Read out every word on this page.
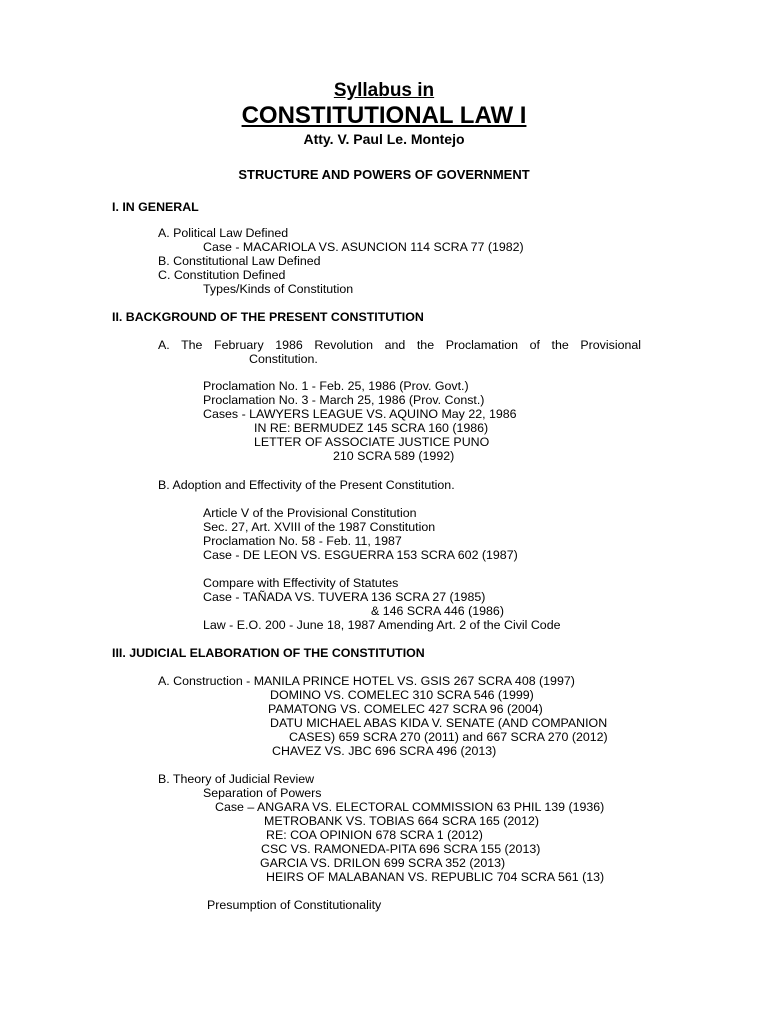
Syllabus in
CONSTITUTIONAL LAW I
Atty. V. Paul Le. Montejo
STRUCTURE AND POWERS OF GOVERNMENT
I. IN GENERAL
A. Political Law Defined
Case - MACARIOLA VS. ASUNCION 114 SCRA 77 (1982)
B. Constitutional Law Defined
C. Constitution Defined
Types/Kinds of Constitution
II. BACKGROUND OF THE PRESENT CONSTITUTION
A. The February 1986 Revolution and the Proclamation of the Provisional
Constitution.
Proclamation No. 1 - Feb. 25, 1986 (Prov. Govt.)
Proclamation No. 3 - March 25, 1986 (Prov. Const.)
Cases - LAWYERS LEAGUE VS. AQUINO May 22, 1986
IN RE: BERMUDEZ 145 SCRA 160 (1986)
LETTER OF ASSOCIATE JUSTICE PUNO
210 SCRA 589 (1992)
B. Adoption and Effectivity of the Present Constitution.
Article V of the Provisional Constitution
Sec. 27, Art. XVIII of the 1987 Constitution
Proclamation No. 58 - Feb. 11, 1987
Case - DE LEON VS. ESGUERRA 153 SCRA 602 (1987)
Compare with Effectivity of Statutes
Case - TAÑADA VS. TUVERA 136 SCRA 27 (1985)
& 146 SCRA 446 (1986)
Law - E.O. 200 - June 18, 1987 Amending Art. 2 of the Civil Code
III. JUDICIAL ELABORATION OF THE CONSTITUTION
A. Construction - MANILA PRINCE HOTEL VS. GSIS 267 SCRA 408 (1997)
DOMINO VS. COMELEC 310 SCRA 546 (1999)
PAMATONG VS. COMELEC 427 SCRA 96 (2004)
DATU MICHAEL ABAS KIDA V. SENATE (AND COMPANION
CASES) 659 SCRA 270 (2011) and 667 SCRA 270 (2012)
CHAVEZ VS. JBC 696 SCRA 496 (2013)
B. Theory of Judicial Review
Separation of Powers
Case – ANGARA VS. ELECTORAL COMMISSION 63 PHIL 139 (1936)
METROBANK VS. TOBIAS 664 SCRA 165 (2012)
RE: COA OPINION 678 SCRA 1 (2012)
CSC VS. RAMONEDA-PITA 696 SCRA 155 (2013)
GARCIA VS. DRILON 699 SCRA 352 (2013)
HEIRS OF MALABANAN VS. REPUBLIC 704 SCRA 561 (13)
Presumption of Constitutionality
